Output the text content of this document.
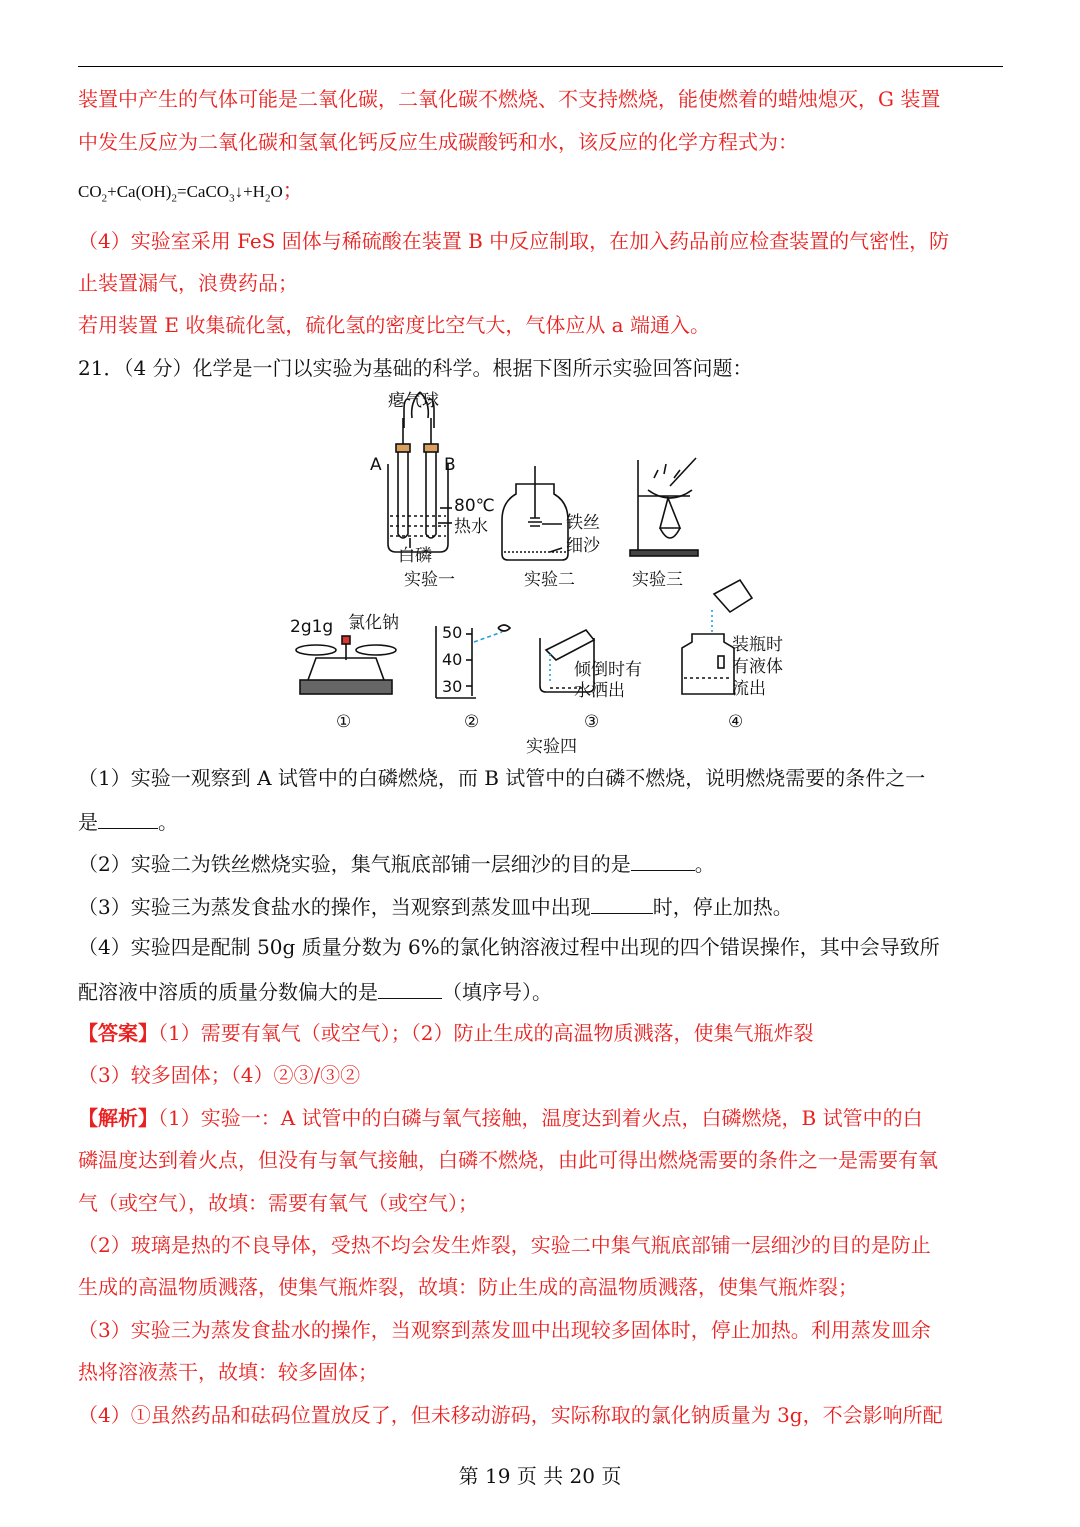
装置中产生的气体可能是二氧化碳，二氧化碳不燃烧、不支持燃烧，能使燃着的蜡烛熄灭，G 装置
中发生反应为二氧化碳和氢氧化钙反应生成碳酸钙和水，该反应的化学方程式为：
$CO_2+Ca(OH)_2=CaCO_3↓+H_2O$；
（4）实验室采用 FeS 固体与稀硫酸在装置 B 中反应制取，在加入药品前应检查装置的气密性，防
止装置漏气，浪费药品；
若用装置 E 收集硫化氢，硫化氢的密度比空气大，气体应从 a 端通入。
21．（4 分）化学是一门以实验为基础的科学。根据下图所示实验回答问题：
瘪气球
A	B
80℃
热水
白磷
实验一
铁丝
细沙
实验二	实验三
2g1g 氯化钠	50
40
30
倾倒时有
水洒出
装瓶时
有液体
流出
①	②	③	④
实验四
（1）实验一观察到 A 试管中的白磷燃烧，而 B 试管中的白磷不燃烧，说明燃烧需要的条件之一
是	。
（2）实验二为铁丝燃烧实验，集气瓶底部铺一层细沙的目的是	。
（3）实验三为蒸发食盐水的操作，当观察到蒸发皿中出现	时，停止加热。
（4）实验四是配制 50g 质量分数为 6%的氯化钠溶液过程中出现的四个错误操作，其中会导致所
配溶液中溶质的质量分数偏大的是	（填序号）。
【答案】（1）需要有氧气（或空气）；（2）防止生成的高温物质溅落，使集气瓶炸裂
（3）较多固体；（4）②③/③②
【解析】（1）实验一：A 试管中的白磷与氧气接触，温度达到着火点，白磷燃烧，B 试管中的白
磷温度达到着火点，但没有与氧气接触，白磷不燃烧，由此可得出燃烧需要的条件之一是需要有氧
气（或空气），故填：需要有氧气（或空气）；
（2）玻璃是热的不良导体，受热不均会发生炸裂，实验二中集气瓶底部铺一层细沙的目的是防止
生成的高温物质溅落，使集气瓶炸裂，故填：防止生成的高温物质溅落，使集气瓶炸裂；
（3）实验三为蒸发食盐水的操作，当观察到蒸发皿中出现较多固体时，停止加热。利用蒸发皿余
热将溶液蒸干，故填：较多固体；
（4）①虽然药品和砝码位置放反了，但未移动游码，实际称取的氯化钠质量为 3g，不会影响所配
第 19 页 共 20 页
